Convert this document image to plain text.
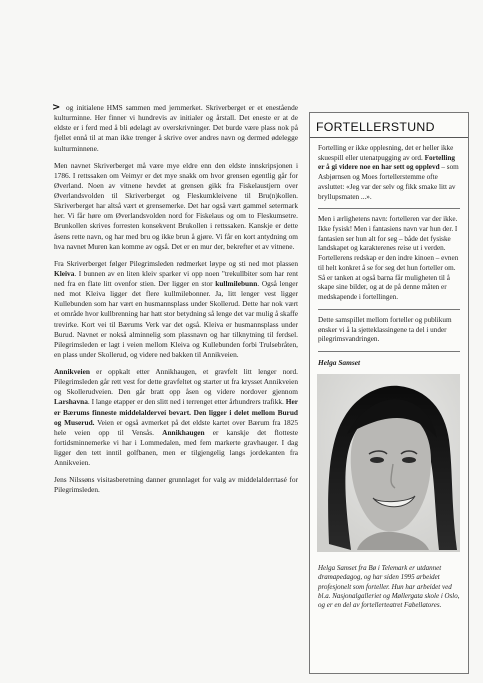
> og initialene HMS sammen med jernmerket. Skriverberget er et enestående kulturminne. Her finner vi hundrevis av initialer og årstall. Det eneste er at de eldste er i ferd med å bli ødelagt av overskrivninger. Det burde være plass nok på fjellet ennå til at man ikke trenger å skrive over andres navn og dermed ødelegge kulturminnene.

Men navnet Skriverberget må være mye eldre enn den eldste innskripsjonen i 1786. I rettssaken om Veimyr er det mye snakk om hvor grensen egentlig går for Øverland. Noen av vitnene hevdet at grensen gikk fra Fiskelaustjern over Øverlandsvolden til Skriverberget og Fleskumkleivene til Bru(n)kollen. Skriverberget har altså vært et grensemerke. Det har også vært gammel setermark her. Vi får høre om Øverlandsvolden nord for Fiskelaus og om to Fleskumsetre. Brunkollen skrives forresten konsekvent Brukollen i rettssaken. Kanskje er dette åsens rette navn, og har med bru og ikke brun å gjøre. Vi får en kort antydning om hva navnet Muren kan komme av også. Det er en mur der, bekrefter et av vitnene.

Fra Skriverberget følger Pilegrimsleden rødmerket løype og sti ned mot plassen Kleiva. I bunnen av en liten kleiv sparker vi opp noen "trekullbiter som har rent ned fra en flate litt ovenfor stien. Der ligger en stor kullmilebunn. Også lenger ned mot Kleiva ligger det flere kullmilebonner. Ja, litt lenger vest ligger Kullebunden som har vært en husmannsplass under Skollerud. Dette har nok vært et område hvor kullbrenning har hatt stor betydning så lenge det var mulig å skaffe trevirke. Kort vei til Bærums Verk var det også. Kleiva er husmannsplass under Burud. Navnet er nokså alminnelig som plassnavn og har tilknytning til ferdsel. Pilegrimsleden er lagt i veien mellom Kleiva og Kullebunden forbi Trulsebråten, en plass under Skollerud, og videre ned bakken til Annikveien.

Annikveien er oppkalt etter Annikhaugen, et gravfelt litt lenger nord. Pilegrimsleden går rett vest for dette gravfeltet og starter ut fra krysset Annikveien og Skollerudveien. Den går bratt opp åsen og videre nordover gjennom Larshavna. I lange etapper er den slitt ned i terrenget etter århundrers trafikk. Her er Bærums finneste middelalderveí bevart. Den ligger i delet mellom Burud og Muserud. Veien er også avmerket på det eldste kartet over Bærum fra 1825 hele veien opp til Vensås. Annikhaugen er kanskje det flotteste fortidsminnemerke vi har i Lommedalen, med fem markerte gravhauger. I dag ligger den tett inntil golfbanen, men er tilgjengelig langs jordekanten fra Annikveien.

Jens Nilssøns visitasberetning danner grunnlaget for valg av middelalderrtasé for Pilegrimsleden.

FORTELLERSTUND

Fortelling er ikke opplesning, det er heller ikke skuespill eller utenatpugging av ord. Fortelling er å gi videre noe en har sett og opplevd – som Asbjørnsen og Moes fortellerstemme ofte avsluttet: «Jeg var der selv og fikk smake litt av bryllupsmaten ...».

Men i ærlighetens navn: fortelleren var der ikke. Ikke fysisk! Men i fantasiens navn var hun der. I fantasien ser hun alt for seg – både det fysiske landskapet og karakterenes reise ut i verden. Fortellerens redskap er den indre kinoen – evnen til helt konkret å se for seg det hun forteller om. Så er tanken at også barna får muligheten til å skape sine bilder, og at de på denne måten er medskapende i fortellingen.

Dette samspillet mellom forteller og publikum ønsker vi å la sjetteklassingene ta del i under pilegrimsvandringen.

Helga Samset
Helga Samset fra Bø i Telemark er utdannet dramapedagog, og har siden 1995 arbeidet profesjonelt som forteller. Hun har arbeidet ved bl.a. Nasjonalgalleriet og Møllergata skole i Oslo, og er en del av fortellerteatret Fabellatores.
